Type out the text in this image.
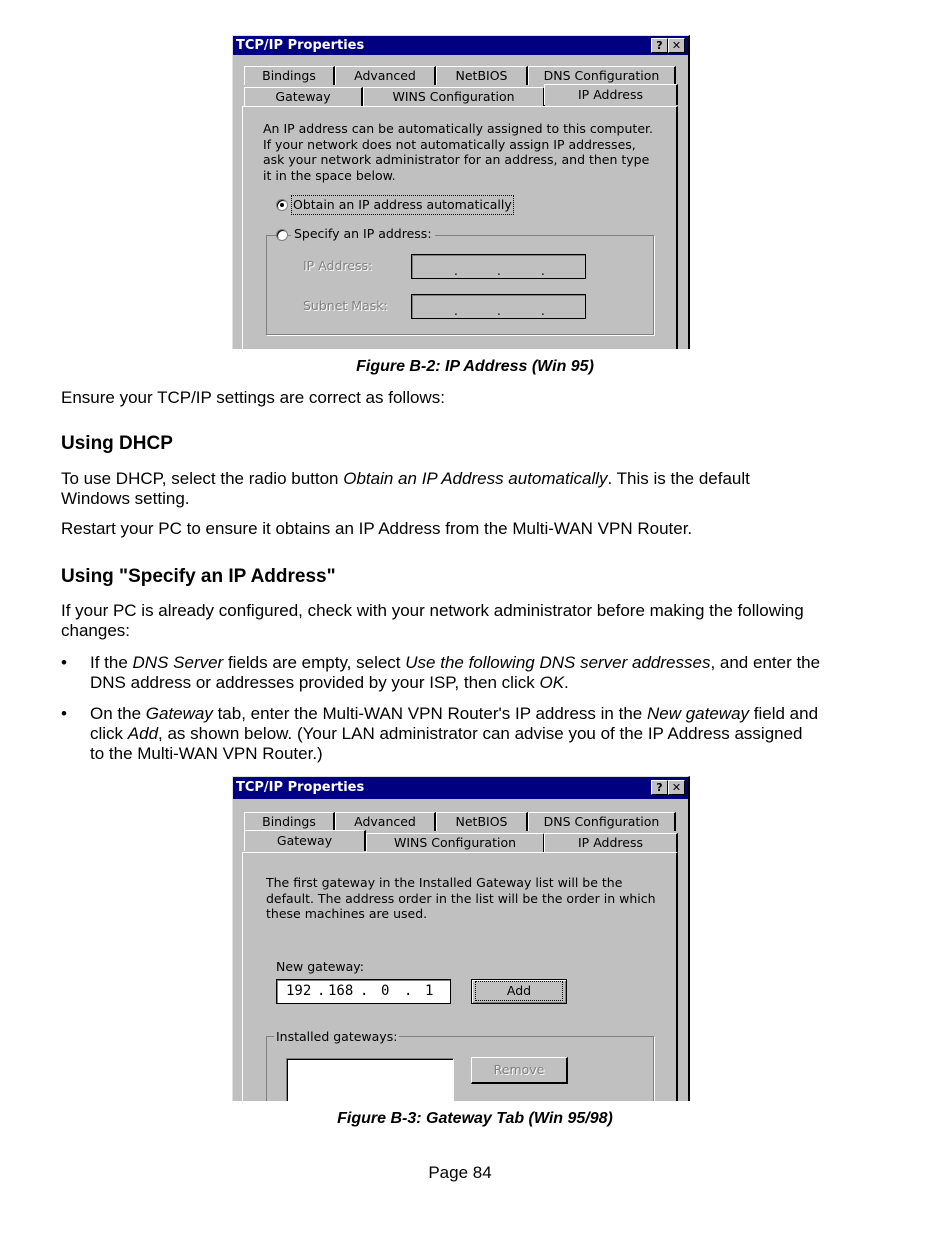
TCP/IP Properties	? ✕
Bindings	Advanced	NetBIOS	DNS Configuration
Gateway	WINS Configuration	IP Address
An IP address can be automatically assigned to this computer. If your network does not automatically assign IP addresses, ask your network administrator for an address, and then type it in the space below.
Obtain an IP address automatically
Specify an IP address:
IP Address:	.	.	.
Subnet Mask:	.	.	.
Figure B-2: IP Address (Win 95)
Ensure your TCP/IP settings are correct as follows:
Using DHCP
To use DHCP, select the radio button Obtain an IP Address automatically. This is the default
Windows setting.
Restart your PC to ensure it obtains an IP Address from the Multi-WAN VPN Router.
Using "Specify an IP Address"
If your PC is already configured, check with your network administrator before making the following
changes:
• If the DNS Server fields are empty, select Use the following DNS server addresses, and enter the
DNS address or addresses provided by your ISP, then click OK.
• On the Gateway tab, enter the Multi-WAN VPN Router's IP address in the New gateway field and
click Add, as shown below. (Your LAN administrator can advise you of the IP Address assigned
to the Multi-WAN VPN Router.)
TCP/IP Properties	? ✕
Bindings	Advanced	NetBIOS	DNS Configuration
Gateway	WINS Configuration	IP Address
The first gateway in the Installed Gateway list will be the default. The address order in the list will be the order in which these machines are used.
New gateway:
192 . 168 . 0 . 1	Add
Installed gateways:
Remove
Figure B-3: Gateway Tab (Win 95/98)
Page 84
